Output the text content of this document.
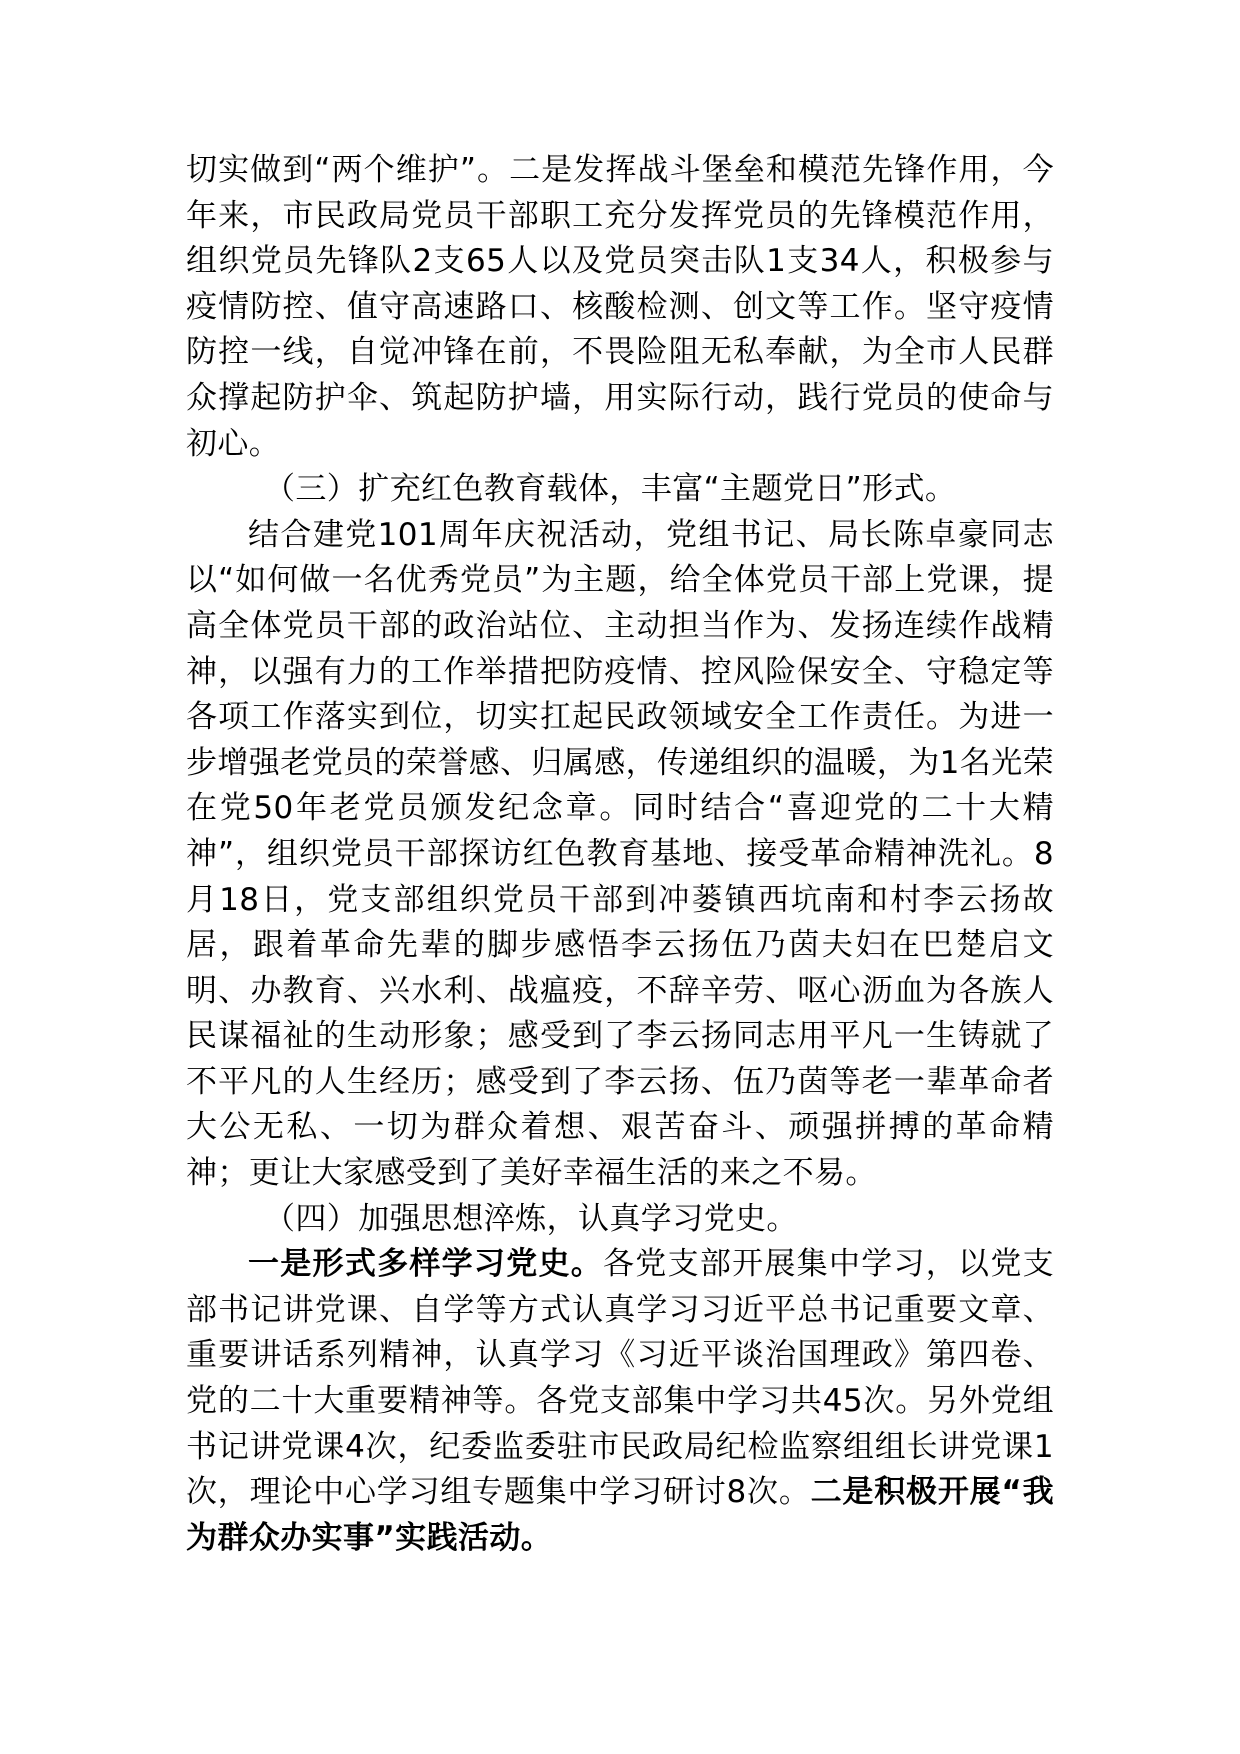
切实做到“两个维护”。二是发挥战斗堡垒和模范先锋作用，今年来，市民政局党员干部职工充分发挥党员的先锋模范作用，组织党员先锋队2支65人以及党员突击队1支34人，积极参与疫情防控、值守高速路口、核酸检测、创文等工作。坚守疫情防控一线，自觉冲锋在前，不畏险阻无私奉献，为全市人民群众撑起防护伞、筑起防护墙，用实际行动，践行党员的使命与初心。

（三）扩充红色教育载体，丰富“主题党日”形式。

结合建党101周年庆祝活动，党组书记、局长陈卓豪同志以“如何做一名优秀党员”为主题，给全体党员干部上党课，提高全体党员干部的政治站位、主动担当作为、发扬连续作战精神，以强有力的工作举措把防疫情、控风险保安全、守稳定等各项工作落实到位，切实扛起民政领域安全工作责任。为进一步增强老党员的荣誉感、归属感，传递组织的温暖，为1名光荣在党50年老党员颁发纪念章。同时结合“喜迎党的二十大精神”，组织党员干部探访红色教育基地、接受革命精神洗礼。8月18日，党支部组织党员干部到冲蒌镇西坑南和村李云扬故居，跟着革命先辈的脚步感悟李云扬伍乃茵夫妇在巴楚启文明、办教育、兴水利、战瘟疫，不辞辛劳、呕心沥血为各族人民谋福祉的生动形象；感受到了李云扬同志用平凡一生铸就了不平凡的人生经历；感受到了李云扬、伍乃茵等老一辈革命者大公无私、一切为群众着想、艰苦奋斗、顽强拼搏的革命精神；更让大家感受到了美好幸福生活的来之不易。

（四）加强思想淬炼，认真学习党史。

一是形式多样学习党史。各党支部开展集中学习，以党支部书记讲党课、自学等方式认真学习习近平总书记重要文章、重要讲话系列精神，认真学习《习近平谈治国理政》第四卷、党的二十大重要精神等。各党支部集中学习共45次。另外党组书记讲党课4次，纪委监委驻市民政局纪检监察组组长讲党课1次，理论中心学习组专题集中学习研讨8次。二是积极开展“我为群众办实事”实践活动。
